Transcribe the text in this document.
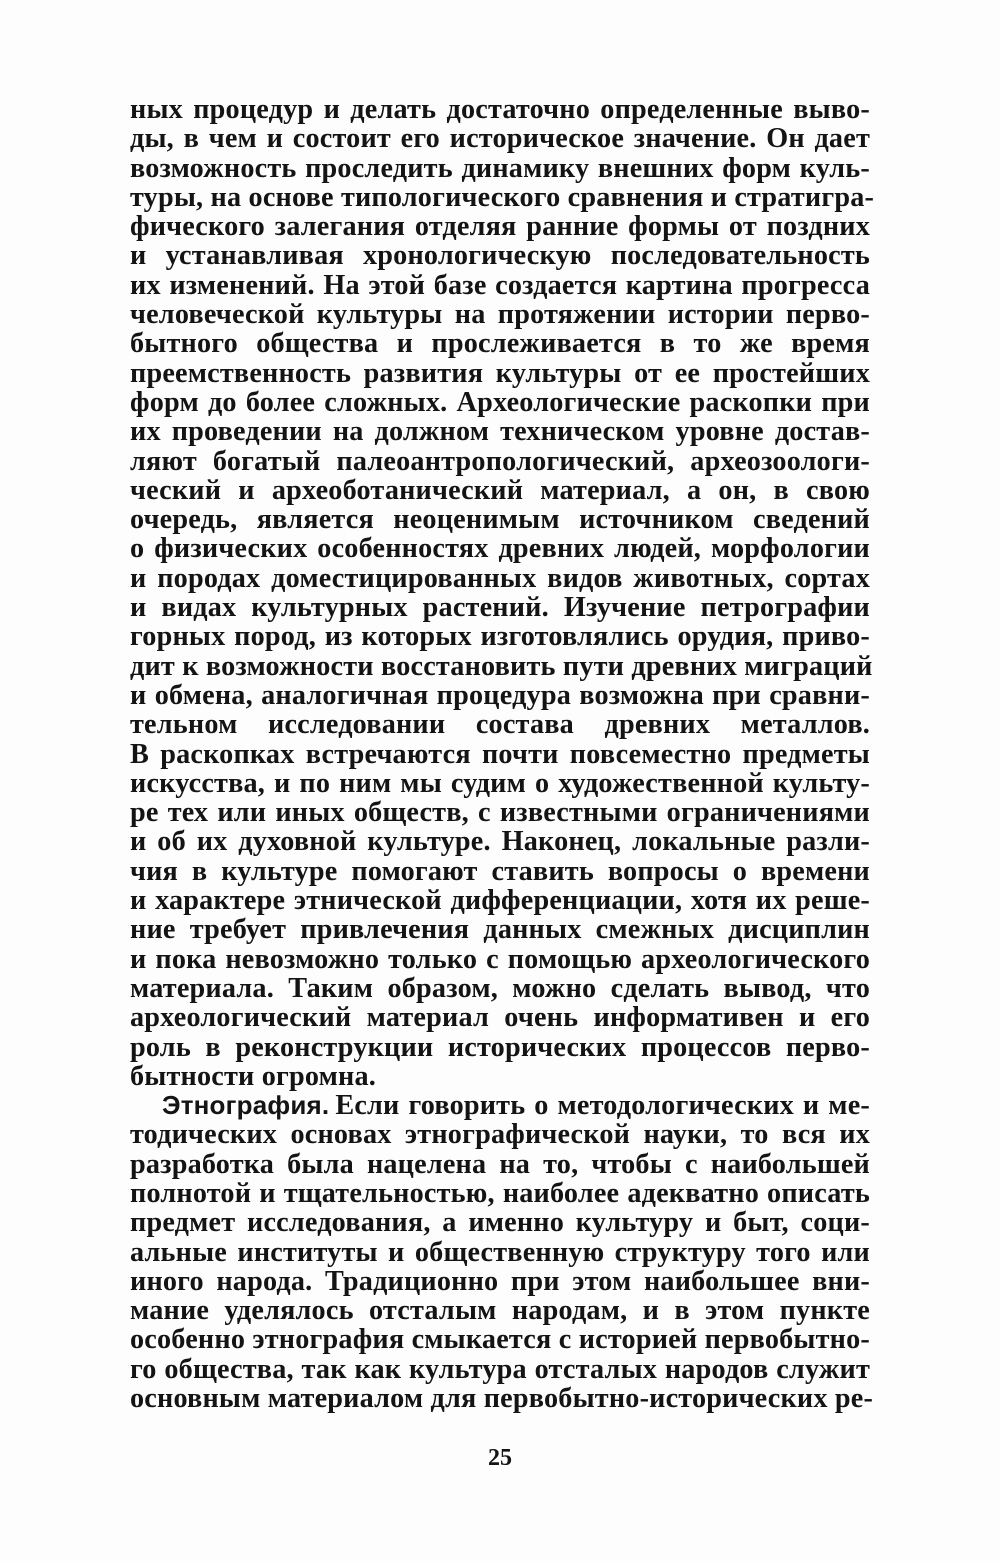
ных процедур и делать достаточно определенные выво-
ды, в чем и состоит его историческое значение. Он дает
возможность проследить динамику внешних форм куль-
туры, на основе типологического сравнения и стратигра-
фического залегания отделяя ранние формы от поздних
и устанавливая хронологическую последовательность
их изменений. На этой базе создается картина прогресса
человеческой культуры на протяжении истории перво-
бытного общества и прослеживается в то же время
преемственность развития культуры от ее простейших
форм до более сложных. Археологические раскопки при
их проведении на должном техническом уровне достав-
ляют богатый палеоантропологический, археозоологи-
ческий и археоботанический материал, а он, в свою
очередь, является неоценимым источником сведений
о физических особенностях древних людей, морфологии
и породах доместицированных видов животных, сортах
и видах культурных растений. Изучение петрографии
горных пород, из которых изготовлялись орудия, приво-
дит к возможности восстановить пути древних миграций
и обмена, аналогичная процедура возможна при сравни-
тельном исследовании состава древних металлов.
В раскопках встречаются почти повсеместно предметы
искусства, и по ним мы судим о художественной культу-
ре тех или иных обществ, с известными ограничениями
и об их духовной культуре. Наконец, локальные разли-
чия в культуре помогают ставить вопросы о времени
и характере этнической дифференциации, хотя их реше-
ние требует привлечения данных смежных дисциплин
и пока невозможно только с помощью археологического
материала. Таким образом, можно сделать вывод, что
археологический материал очень информативен и его
роль в реконструкции исторических процессов перво-
бытности огромна.
Этнография. Если говорить о методологических и ме-
тодических основах этнографической науки, то вся их
разработка была нацелена на то, чтобы с наибольшей
полнотой и тщательностью, наиболее адекватно описать
предмет исследования, а именно культуру и быт, соци-
альные институты и общественную структуру того или
иного народа. Традиционно при этом наибольшее вни-
мание уделялось отсталым народам, и в этом пункте
особенно этнография смыкается с историей первобытно-
го общества, так как культура отсталых народов служит
основным материалом для первобытно-исторических ре-
25
